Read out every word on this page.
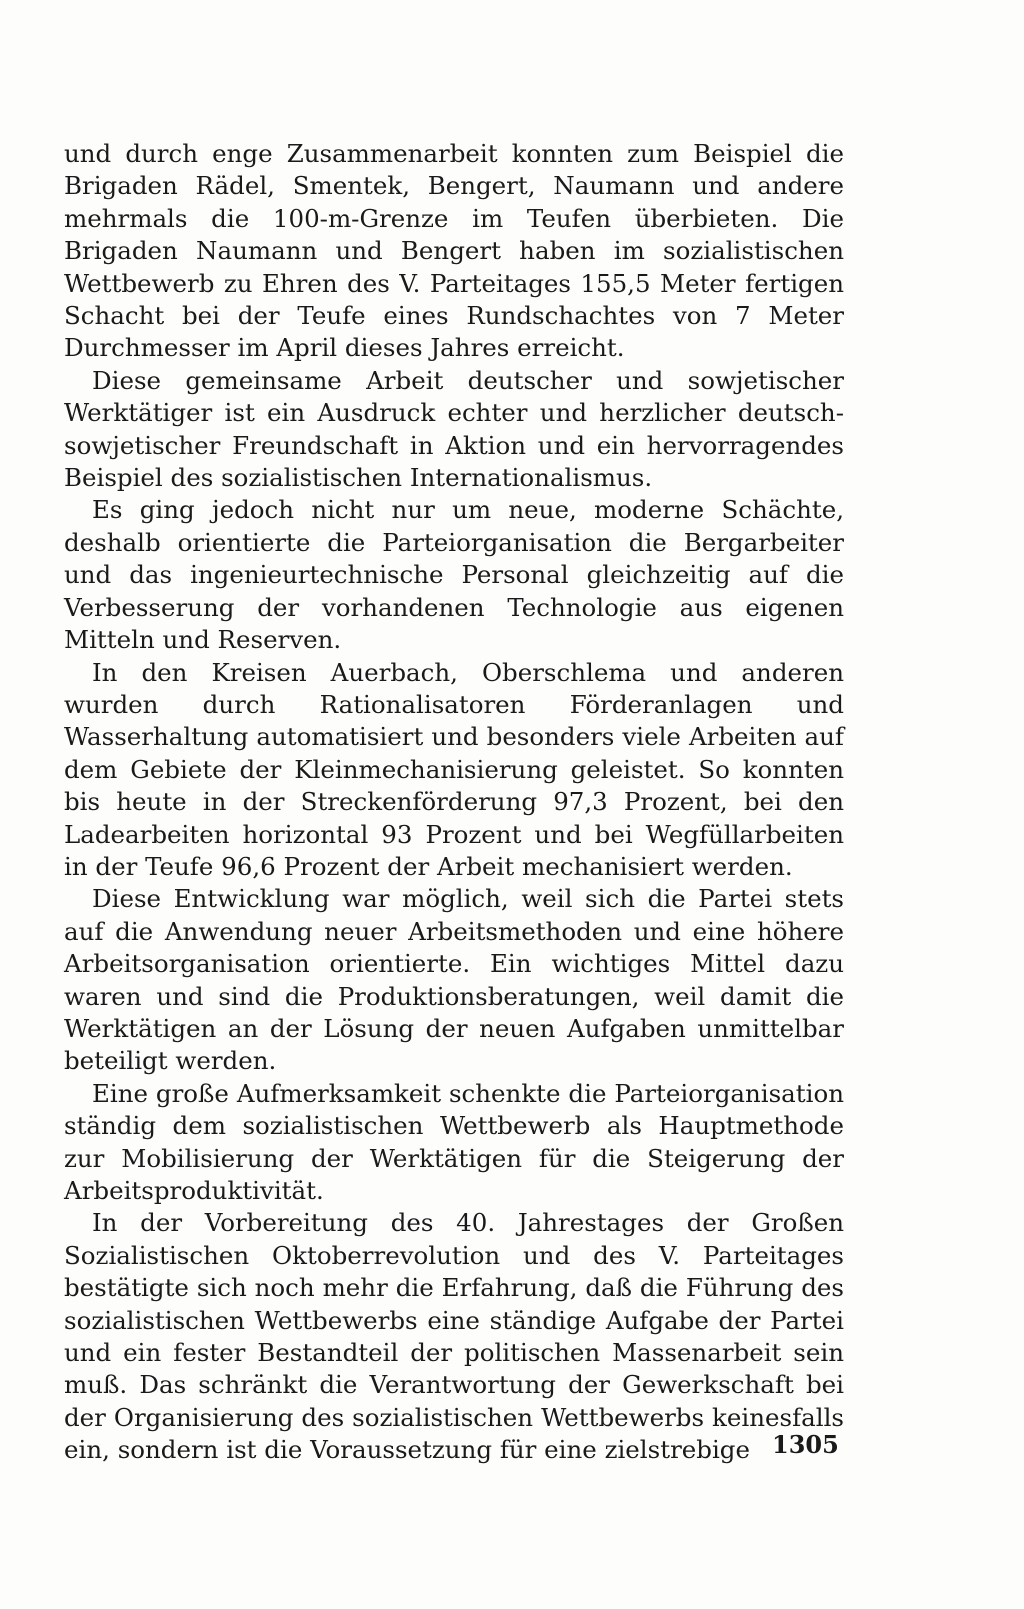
und durch enge Zusammenarbeit konnten zum Beispiel die Brigaden Rädel, Smentek, Bengert, Naumann und andere mehrmals die 100-m-Grenze im Teufen überbieten. Die Brigaden Naumann und Bengert haben im sozialistischen Wettbewerb zu Ehren des V. Parteitages 155,5 Meter fertigen Schacht bei der Teufe eines Rundschachtes von 7 Meter Durchmesser im April dieses Jahres erreicht.

Diese gemeinsame Arbeit deutscher und sowjetischer Werktätiger ist ein Ausdruck echter und herzlicher deutsch-sowjetischer Freundschaft in Aktion und ein hervorragendes Beispiel des sozialistischen Internationalismus.

Es ging jedoch nicht nur um neue, moderne Schächte, deshalb orientierte die Parteiorganisation die Bergarbeiter und das ingenieurtechnische Personal gleichzeitig auf die Verbesserung der vorhandenen Technologie aus eigenen Mitteln und Reserven.

In den Kreisen Auerbach, Oberschlema und anderen wurden durch Rationalisatoren Förderanlagen und Wasserhaltung automatisiert und besonders viele Arbeiten auf dem Gebiete der Kleinmechanisierung geleistet. So konnten bis heute in der Streckenförderung 97,3 Prozent, bei den Ladearbeiten horizontal 93 Prozent und bei Wegfüllarbeiten in der Teufe 96,6 Prozent der Arbeit mechanisiert werden.

Diese Entwicklung war möglich, weil sich die Partei stets auf die Anwendung neuer Arbeitsmethoden und eine höhere Arbeitsorganisation orientierte. Ein wichtiges Mittel dazu waren und sind die Produktionsberatungen, weil damit die Werktätigen an der Lösung der neuen Aufgaben unmittelbar beteiligt werden.

Eine große Aufmerksamkeit schenkte die Parteiorganisation ständig dem sozialistischen Wettbewerb als Hauptmethode zur Mobilisierung der Werktätigen für die Steigerung der Arbeitsproduktivität.

In der Vorbereitung des 40. Jahrestages der Großen Sozialistischen Oktoberrevolution und des V. Parteitages bestätigte sich noch mehr die Erfahrung, daß die Führung des sozialistischen Wettbewerbs eine ständige Aufgabe der Partei und ein fester Bestandteil der politischen Massenarbeit sein muß. Das schränkt die Verantwortung der Gewerkschaft bei der Organisierung des sozialistischen Wettbewerbs keinesfalls ein, sondern ist die Voraussetzung für eine zielstrebige 1305
